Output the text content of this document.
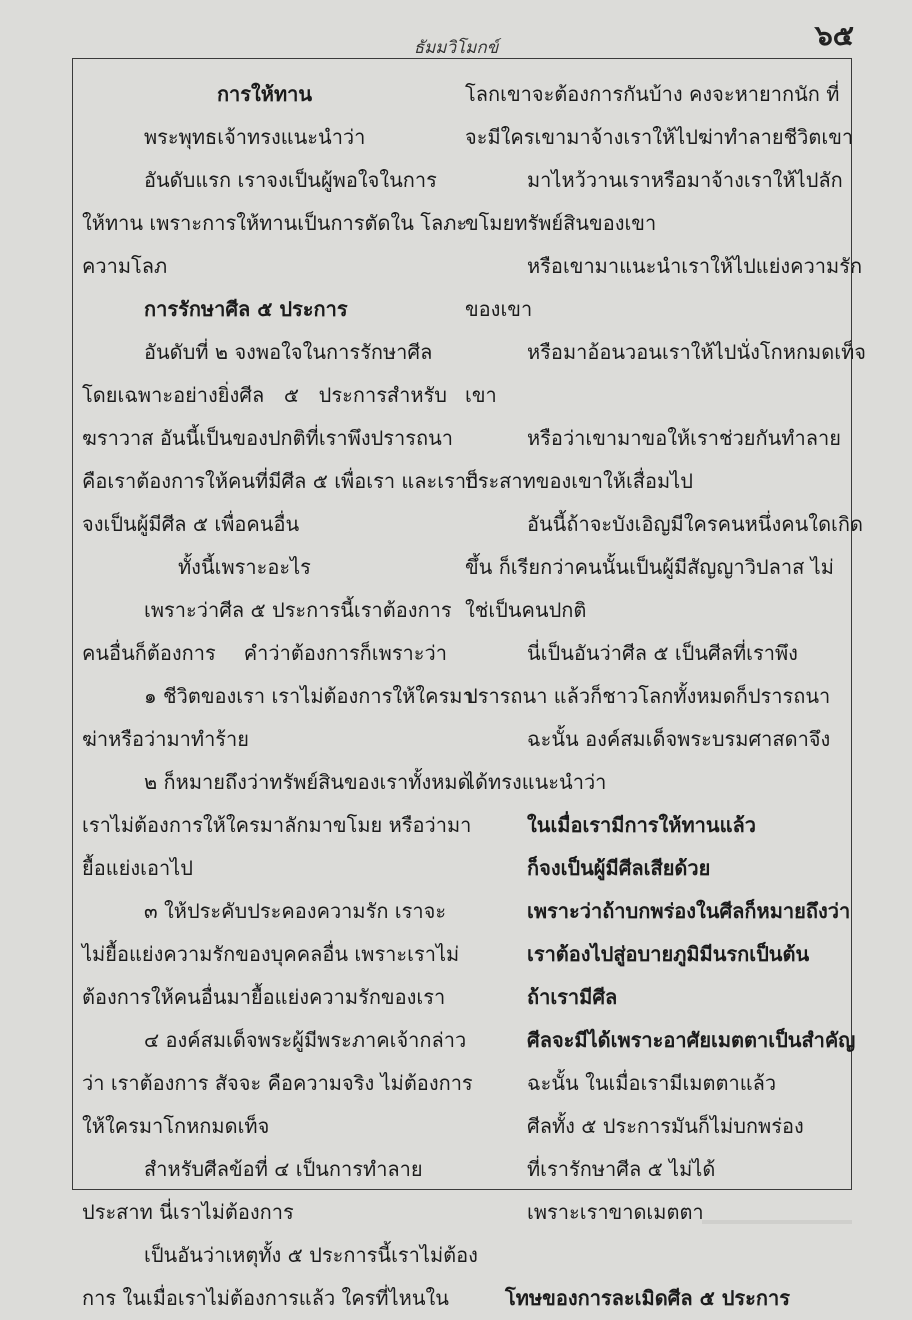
๖๕
ธัมมวิโมกข์
การให้ทาน
พระพุทธเจ้าทรงแนะนำว่า
อันดับแรก เราจงเป็นผู้พอใจในการ
ให้ทาน เพราะการให้ทานเป็นการตัดใน โลภะ
ความโลภ
การรักษาศีล ๕ ประการ
อันดับที่ ๒ จงพอใจในการรักษาศีล
โดยเฉพาะอย่างยิ่งศีล ๕ ประการสำหรับ
ฆราวาส อันนี้เป็นของปกติที่เราพึงปรารถนา
คือเราต้องการให้คนที่มีศีล ๕ เพื่อเรา และเราก็
จงเป็นผู้มีศีล ๕ เพื่อคนอื่น
ทั้งนี้เพราะอะไร
เพราะว่าศีล ๕ ประการนี้เราต้องการ
คนอื่นก็ต้องการ คำว่าต้องการก็เพราะว่า
๑ ชีวิตของเรา เราไม่ต้องการให้ใครมา
ฆ่าหรือว่ามาทำร้าย
๒ ก็หมายถึงว่าทรัพย์สินของเราทั้งหมด
เราไม่ต้องการให้ใครมาลักมาขโมย หรือว่ามา
ยื้อแย่งเอาไป
๓ ให้ประคับประคองความรัก เราจะ
ไม่ยื้อแย่งความรักของบุคคลอื่น เพราะเราไม่
ต้องการให้คนอื่นมายื้อแย่งความรักของเรา
๔ องค์สมเด็จพระผู้มีพระภาคเจ้ากล่าว
ว่า เราต้องการ สัจจะ คือความจริง ไม่ต้องการ
ให้ใครมาโกหกมดเท็จ
สำหรับศีลข้อที่ ๔ เป็นการทำลาย
ประสาท นี่เราไม่ต้องการ
เป็นอันว่าเหตุทั้ง ๕ ประการนี้เราไม่ต้อง
การ ในเมื่อเราไม่ต้องการแล้ว ใครที่ไหนใน
โลกเขาจะต้องการกันบ้าง คงจะหายากนัก ที่
จะมีใครเขามาจ้างเราให้ไปฆ่าทำลายชีวิตเขา
มาไหว้วานเราหรือมาจ้างเราให้ไปลัก
ขโมยทรัพย์สินของเขา
หรือเขามาแนะนำเราให้ไปแย่งความรัก
ของเขา
หรือมาอ้อนวอนเราให้ไปนั่งโกหกมดเท็จ
เขา
หรือว่าเขามาขอให้เราช่วยกันทำลาย
ประสาทของเขาให้เสื่อมไป
อันนี้ถ้าจะบังเอิญมีใครคนหนึ่งคนใดเกิด
ขึ้น ก็เรียกว่าคนนั้นเป็นผู้มีสัญญาวิปลาส ไม่
ใช่เป็นคนปกติ
นี่เป็นอันว่าศีล ๕ เป็นศีลที่เราพึง
ปรารถนา แล้วก็ชาวโลกทั้งหมดก็ปรารถนา
ฉะนั้น องค์สมเด็จพระบรมศาสดาจึง
ได้ทรงแนะนำว่า
ในเมื่อเรามีการให้ทานแล้ว
ก็จงเป็นผู้มีศีลเสียด้วย
เพราะว่าถ้าบกพร่องในศีลก็หมายถึงว่า
เราต้องไปสู่อบายภูมิมีนรกเป็นต้น
ถ้าเรามีศีล
ศีลจะมีได้เพราะอาศัยเมตตาเป็นสำคัญ
ฉะนั้น ในเมื่อเรามีเมตตาแล้ว
ศีลทั้ง ๕ ประการมันก็ไม่บกพร่อง
ที่เรารักษาศีล ๕ ไม่ได้
เพราะเราขาดเมตตา
โทษของการละเมิดศีล ๕ ประการ
